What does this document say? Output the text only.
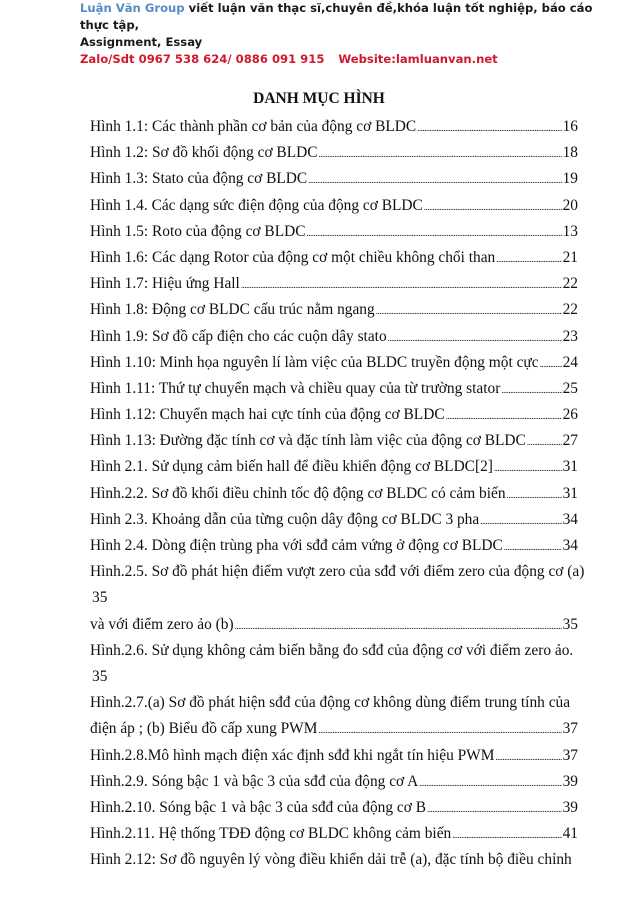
Luận Văn Group viết luận văn thạc sĩ,chuyên đề,khóa luận tốt nghiệp, báo cáo thực tập,
Assignment, Essay
Zalo/Sdt 0967 538 624/ 0886 091 915 Website:lamluanvan.net
DANH MỤC HÌNH
Hình 1.1: Các thành phần cơ bản của động cơ BLDC .....	16
Hình 1.2: Sơ đồ khối động cơ BLDC .....	18
Hình 1.3: Stato của động cơ BLDC .....	19
Hình 1.4. Các dạng sức điện động của động cơ BLDC .....	20
Hình 1.5: Roto của động cơ BLDC .....	13
Hình 1.6: Các dạng Rotor của động cơ một chiều không chổi than .....	21
Hình 1.7: Hiệu ứng Hall .....	22
Hình 1.8: Động cơ BLDC cấu trúc nằm ngang .....	22
Hình 1.9: Sơ đồ cấp điện cho các cuộn dây stato .....	23
Hình 1.10: Minh họa nguyên lí làm việc của BLDC truyền động một cực ..... 24
Hình 1.11: Thứ tự chuyển mạch và chiều quay của từ trường stator .....	25
Hình 1.12: Chuyển mạch hai cực tính của động cơ BLDC .....	26
Hình 1.13: Đường đặc tính cơ và đặc tính làm việc của động cơ BLDC ..... 27
Hình 2.1. Sử dụng cảm biến hall để điều khiển động cơ BLDC[2] .....	31
Hình.2.2. Sơ đồ khối điều chỉnh tốc độ động cơ BLDC có cảm biến .....	31
Hình 2.3. Khoảng dẫn của từng cuộn dây động cơ BLDC 3 pha .....	34
Hình 2.4. Dòng điện trùng pha với sđđ cảm vứng ở động cơ BLDC .....	34
Hình.2.5. Sơ đồ phát hiện điểm vượt zero của sđđ với điểm zero của động cơ (a)
35
và với điểm zero ảo (b) .....	35
Hình.2.6. Sử dụng không cảm biến bằng đo sđđ của động cơ với điểm zero ảo.
35
Hình.2.7.(a) Sơ đồ phát hiện sđđ của động cơ không dùng điểm trung tính của
điện áp ; (b) Biểu đồ cấp xung PWM .....	37
Hình.2.8.Mô hình mạch điện xác định sđđ khi ngắt tín hiệu PWM .....	37
Hình.2.9. Sóng bậc 1 và bậc 3 của sđđ của động cơ A .....	39
Hình.2.10. Sóng bậc 1 và bậc 3 của sđđ của động cơ B .....	39
Hình.2.11. Hệ thống TĐĐ động cơ BLDC không cảm biến .....	41
Hình 2.12: Sơ đồ nguyên lý vòng điều khiển dải trễ (a), đặc tính bộ điều chỉnh
